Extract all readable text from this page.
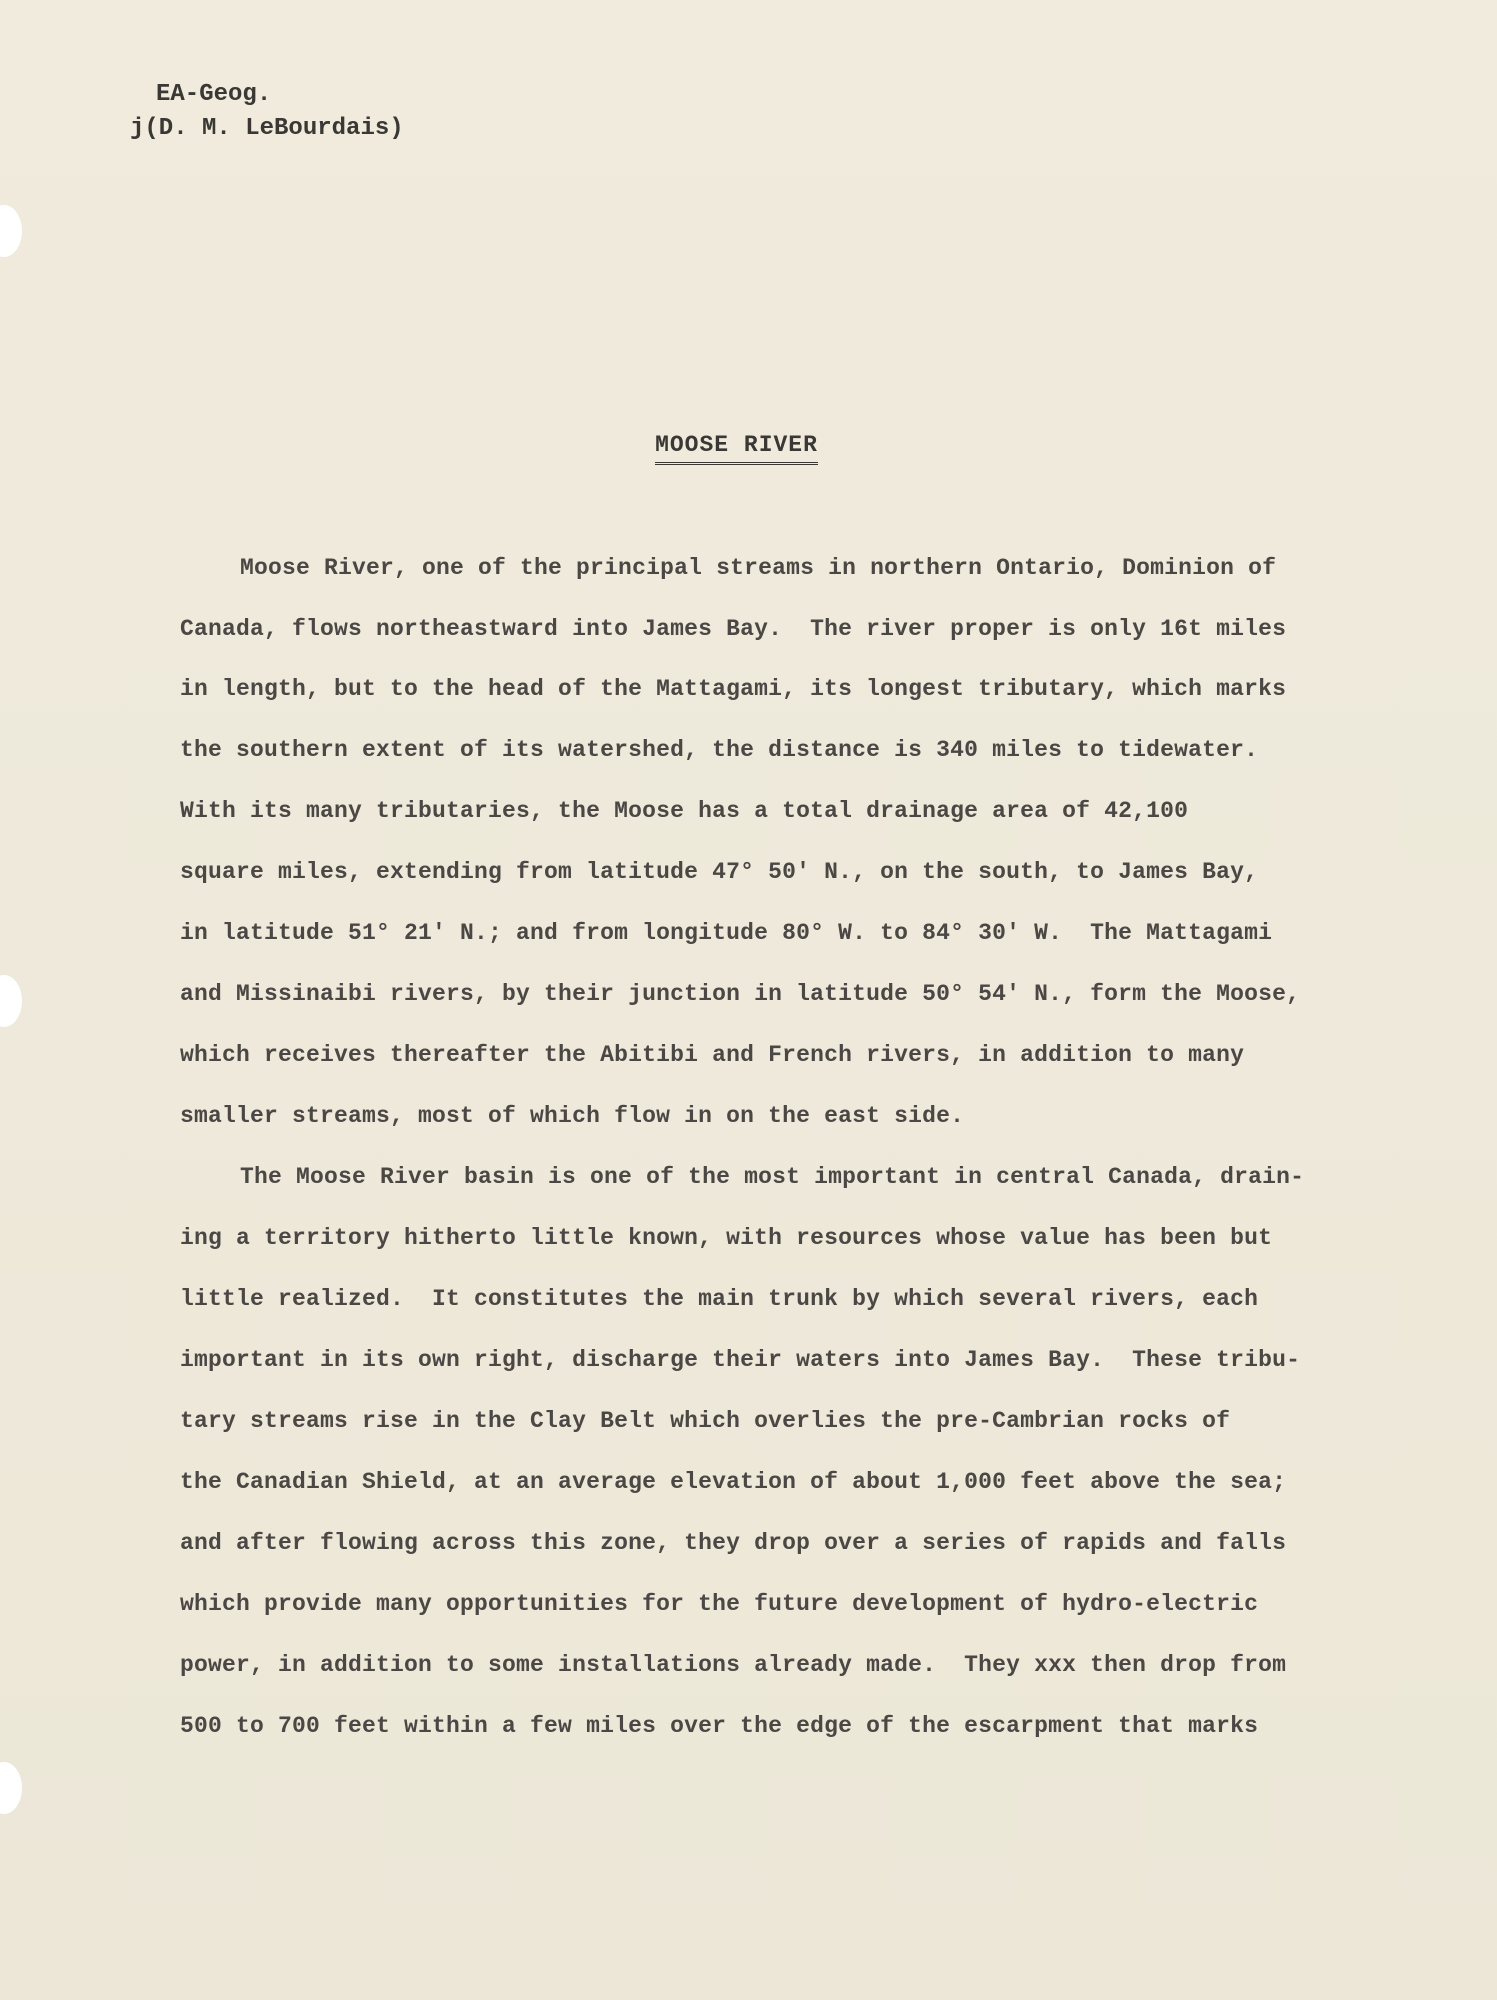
EA-Geog.
j(D. M. LeBourdais)
MOOSE RIVER
Moose River, one of the principal streams in northern Ontario, Dominion of
Canada, flows northeastward into James Bay.  The river proper is only 16t miles
in length, but to the head of the Mattagami, its longest tributary, which marks
the southern extent of its watershed, the distance is 340 miles to tidewater.
With its many tributaries, the Moose has a total drainage area of 42,100
square miles, extending from latitude 47° 50' N., on the south, to James Bay,
in latitude 51° 21' N.; and from longitude 80° W. to 84° 30' W.  The Mattagami
and Missinaibi rivers, by their junction in latitude 50° 54' N., form the Moose,
which receives thereafter the Abitibi and French rivers, in addition to many
smaller streams, most of which flow in on the east side.
The Moose River basin is one of the most important in central Canada, drain-
ing a territory hitherto little known, with resources whose value has been but
little realized.  It constitutes the main trunk by which several rivers, each
important in its own right, discharge their waters into James Bay.  These tribu-
tary streams rise in the Clay Belt which overlies the pre-Cambrian rocks of
the Canadian Shield, at an average elevation of about 1,000 feet above the sea;
and after flowing across this zone, they drop over a series of rapids and falls
which provide many opportunities for the future development of hydro-electric
power, in addition to some installations already made.  They xxx then drop from
500 to 700 feet within a few miles over the edge of the escarpment that marks
